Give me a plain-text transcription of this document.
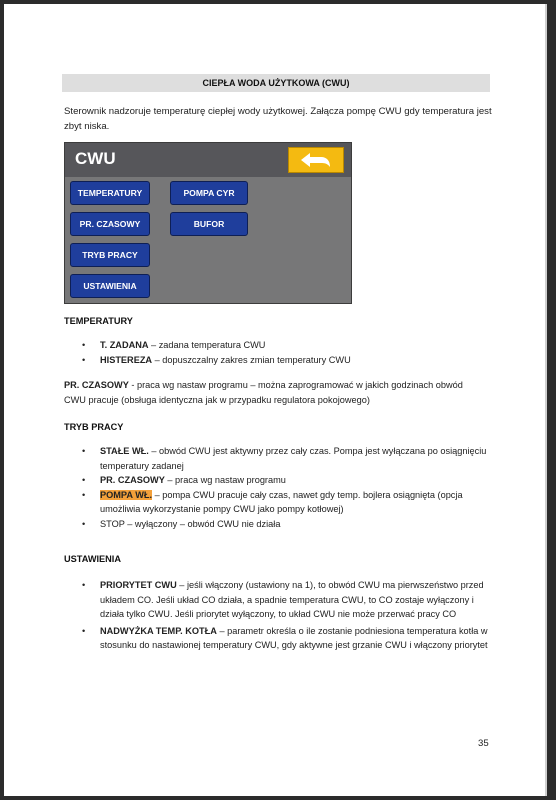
CIEPŁA WODA UŻYTKOWA (CWU)
Sterownik nadzoruje temperaturę ciepłej wody użytkowej. Załącza pompę CWU gdy temperatura jest zbyt niska.
CWU
TEMPERATURY
PR. CZASOWY
TRYB PRACY
USTAWIENIA
POMPA CYR
BUFOR
TEMPERATURY
• T. ZADANA – zadana temperatura CWU
• HISTEREZA – dopuszczalny zakres zmian temperatury CWU
PR. CZASOWY - praca wg nastaw programu – można zaprogramować w jakich godzinach obwód CWU pracuje (obsługa identyczna jak w przypadku regulatora pokojowego)
TRYB PRACY
• STAŁE WŁ. – obwód CWU jest aktywny przez cały czas. Pompa jest wyłączana po osiągnięciu temperatury zadanej
• PR. CZASOWY – praca wg nastaw programu
• POMPA WŁ. – pompa CWU pracuje cały czas, nawet gdy temp. bojlera osiągnięta (opcja umożliwia wykorzystanie pompy CWU jako pompy kotłowej)
• STOP – wyłączony – obwód CWU nie działa
USTAWIENIA
• PRIORYTET CWU – jeśli włączony (ustawiony na 1), to obwód CWU ma pierwszeństwo przed układem CO. Jeśli układ CO działa, a spadnie temperatura CWU, to CO zostaje wyłączony i działa tylko CWU. Jeśli priorytet wyłączony, to układ CWU nie może przerwać pracy CO
• NADWYŻKA TEMP. KOTŁA – parametr określa o ile zostanie podniesiona temperatura kotła w stosunku do nastawionej temperatury CWU, gdy aktywne jest grzanie CWU i włączony priorytet
35
